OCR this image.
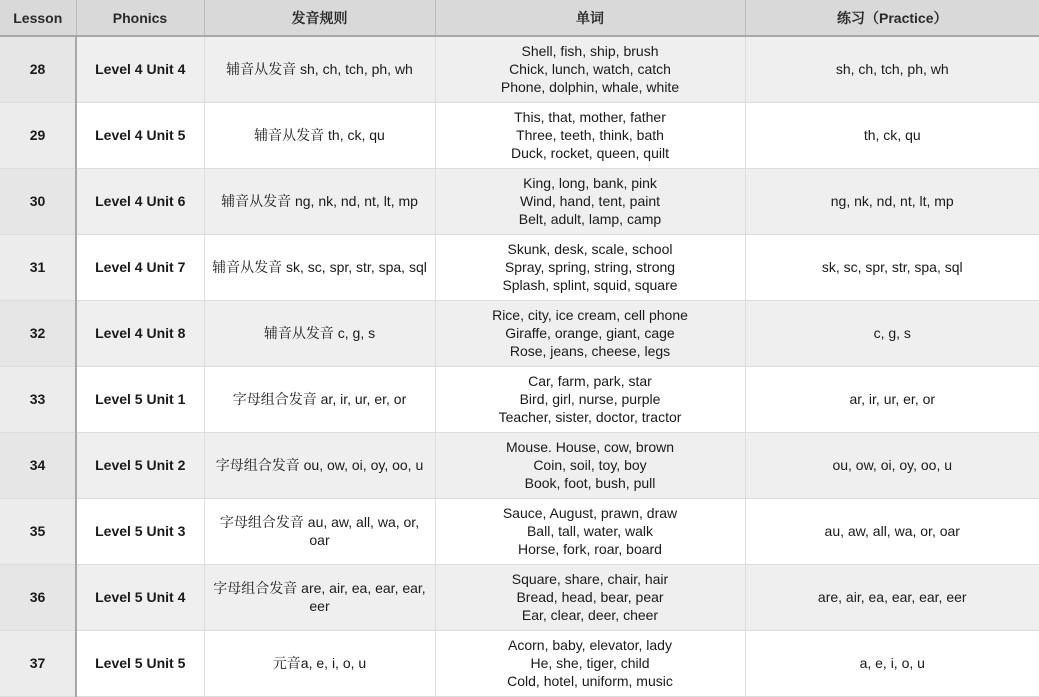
Lesson	Phonics	发音规则	单词	练习（Practice）
28	Level 4 Unit 4	辅音从发音 sh, ch, tch, ph, wh	Shell, fish, ship, brush
Chick, lunch, watch, catch
Phone, dolphin, whale, white	sh, ch, tch, ph, wh
29	Level 4 Unit 5	辅音从发音 th, ck, qu	This, that, mother, father
Three, teeth, think, bath
Duck, rocket, queen, quilt	th, ck, qu
30	Level 4 Unit 6	辅音从发音 ng, nk, nd, nt, lt, mp	King, long, bank, pink
Wind, hand, tent, paint
Belt, adult, lamp, camp	ng, nk, nd, nt, lt, mp
31	Level 4 Unit 7	辅音从发音 sk, sc, spr, str, spa, sql	Skunk, desk, scale, school
Spray, spring, string, strong
Splash, splint, squid, square	sk, sc, spr, str, spa, sql
32	Level 4 Unit 8	辅音从发音 c, g, s	Rice, city, ice cream, cell phone
Giraffe, orange, giant, cage
Rose, jeans, cheese, legs	c, g, s
33	Level 5 Unit 1	字母组合发音 ar, ir, ur, er, or	Car, farm, park, star
Bird, girl, nurse, purple
Teacher, sister, doctor, tractor	ar, ir, ur, er, or
34	Level 5 Unit 2	字母组合发音 ou, ow, oi, oy, oo, u	Mouse. House, cow, brown
Coin, soil, toy, boy
Book, foot, bush, pull	ou, ow, oi, oy, oo, u
35	Level 5 Unit 3	字母组合发音 au, aw, all, wa, or, oar	Sauce, August, prawn, draw
Ball, tall, water, walk
Horse, fork, roar, board	au, aw, all, wa, or, oar
36	Level 5 Unit 4	字母组合发音 are, air, ea, ear, ear, eer	Square, share, chair, hair
Bread, head, bear, pear
Ear, clear, deer, cheer	are, air, ea, ear, ear, eer
37	Level 5 Unit 5	元音a, e, i, o, u	Acorn, baby, elevator, lady
He, she, tiger, child
Cold, hotel, uniform, music	a, e, i, o, u
